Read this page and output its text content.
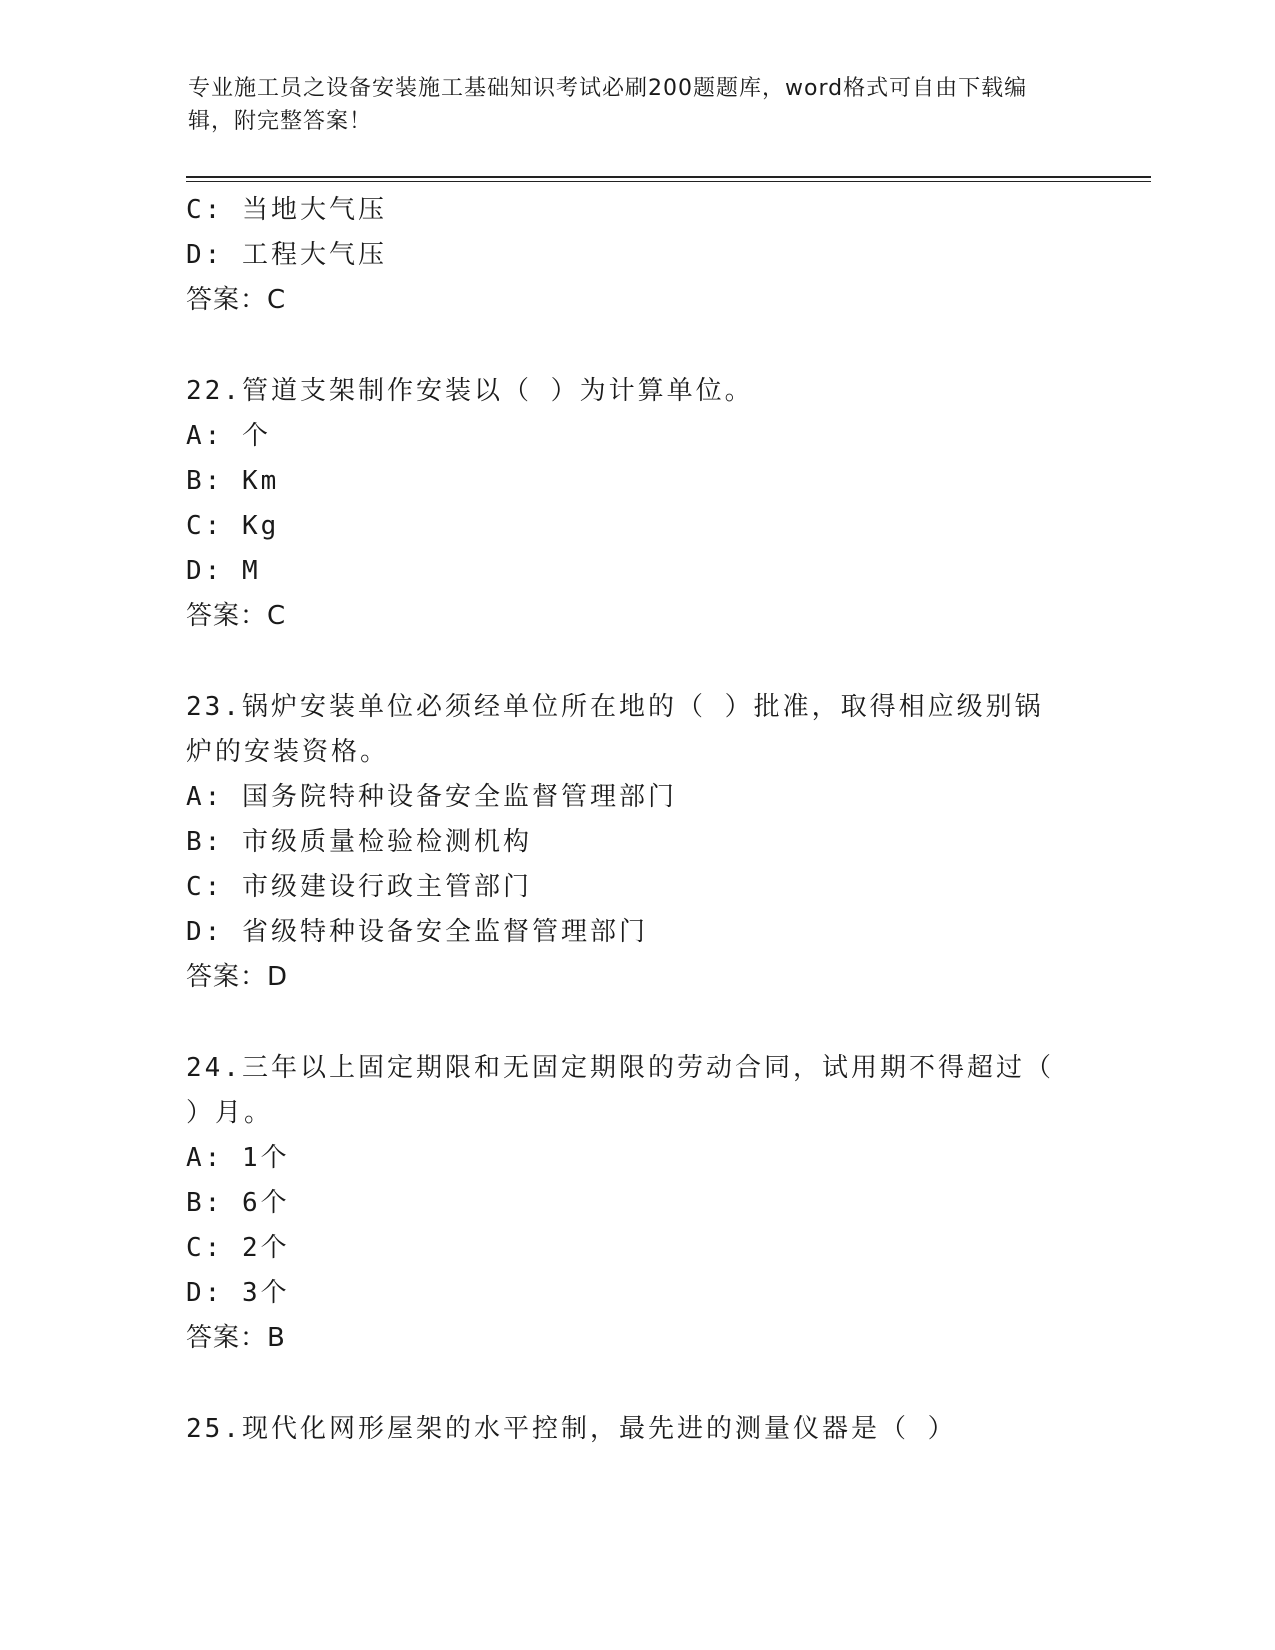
专业施工员之设备安装施工基础知识考试必刷200题题库，word格式可自由下载编辑，附完整答案！
C: 当地大气压
D: 工程大气压
答案：C
22.管道支架制作安装以（ ）为计算单位。
A: 个
B: Km
C: Kg
D: M
答案：C
23.锅炉安装单位必须经单位所在地的（ ）批准，取得相应级别锅炉的安装资格。
A: 国务院特种设备安全监督管理部门
B: 市级质量检验检测机构
C: 市级建设行政主管部门
D: 省级特种设备安全监督管理部门
答案：D
24.三年以上固定期限和无固定期限的劳动合同，试用期不得超过（ ）月。
A: 1个
B: 6个
C: 2个
D: 3个
答案：B
25.现代化网形屋架的水平控制，最先进的测量仪器是（ ）
